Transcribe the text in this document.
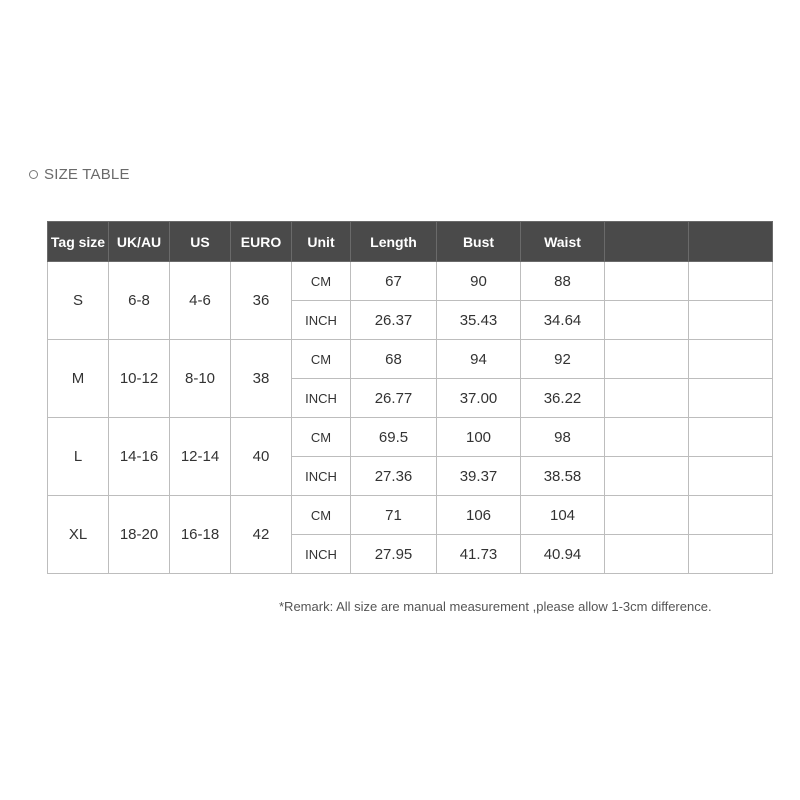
SIZE TABLE
Tag size	UK/AU	US	EURO	Unit	Length	Bust	Waist		
S	6-8	4-6	36	CM	67	90	88		
				INCH	26.37	35.43	34.64		
M	10-12	8-10	38	CM	68	94	92		
				INCH	26.77	37.00	36.22		
L	14-16	12-14	40	CM	69.5	100	98		
				INCH	27.36	39.37	38.58		
XL	18-20	16-18	42	CM	71	106	104		
				INCH	27.95	41.73	40.94		
*Remark: All size are manual measurement ,please allow 1-3cm difference.
